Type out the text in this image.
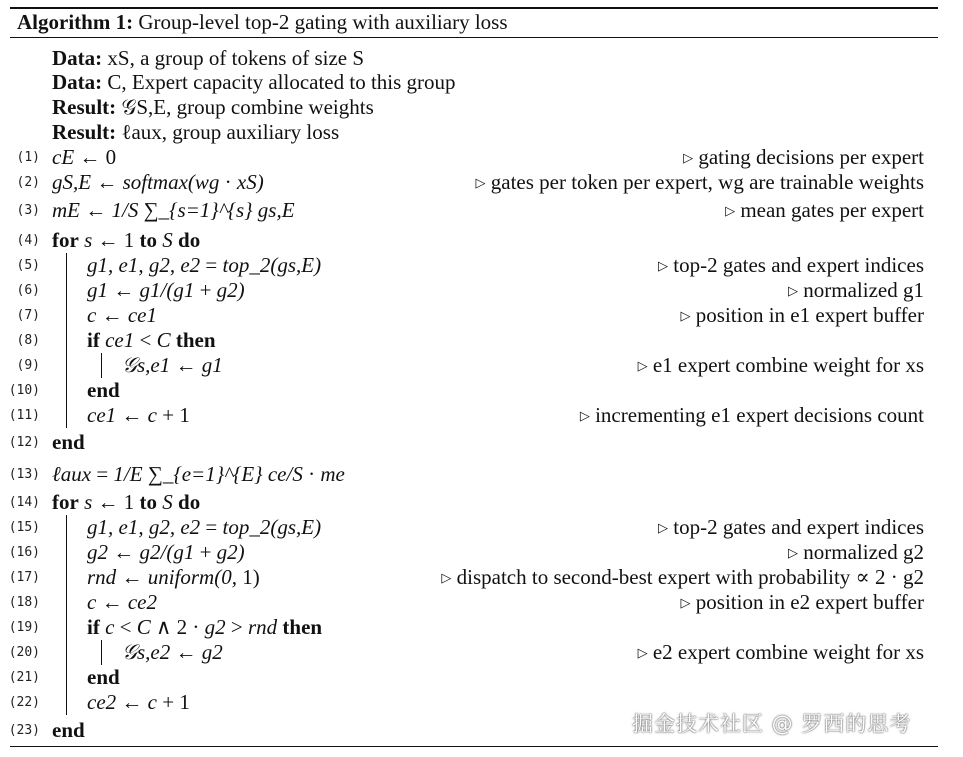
Algorithm 1: Group-level top-2 gating with auxiliary loss
Data: xS, a group of tokens of size S
Data: C, Expert capacity allocated to this group
Result: 𝒢S,E, group combine weights
Result: ℓaux, group auxiliary loss
(1) cE ← 0	▷ gating decisions per expert
(2) gS,E ← softmax(wg · xS)	▷ gates per token per expert, wg are trainable weights
(3) mE ← 1/S ∑_{s=1}^{s} gs,E	▷ mean gates per expert
(4) for s ← 1 to S do
(5) g1, e1, g2, e2 = top_2(gs,E)	▷ top-2 gates and expert indices
(6) g1 ← g1/(g1 + g2)	▷ normalized g1
(7) c ← ce1	▷ position in e1 expert buffer
(8) if ce1 < C then
(9)	𝒢s,e1 ← g1	▷ e1 expert combine weight for xs
(10) end
(11) ce1 ← c + 1	▷ incrementing e1 expert decisions count
(12) end
(13) ℓaux = 1/E ∑_{e=1}^{E} ce/S · me
(14) for s ← 1 to S do
(15) g1, e1, g2, e2 = top_2(gs,E)	▷ top-2 gates and expert indices
(16) g2 ← g2/(g1 + g2)	▷ normalized g2
(17) rnd ← uniform(0, 1)	▷ dispatch to second-best expert with probability ∝ 2 · g2
(18) c ← ce2	▷ position in e2 expert buffer
(19) if c < C ∧ 2 · g2 > rnd then
(20)	𝒢s,e2 ← g2	▷ e2 expert combine weight for xs
(21) end
(22) ce2 ← c + 1
(23) end	掘金技术社区 @ 罗西的思考
